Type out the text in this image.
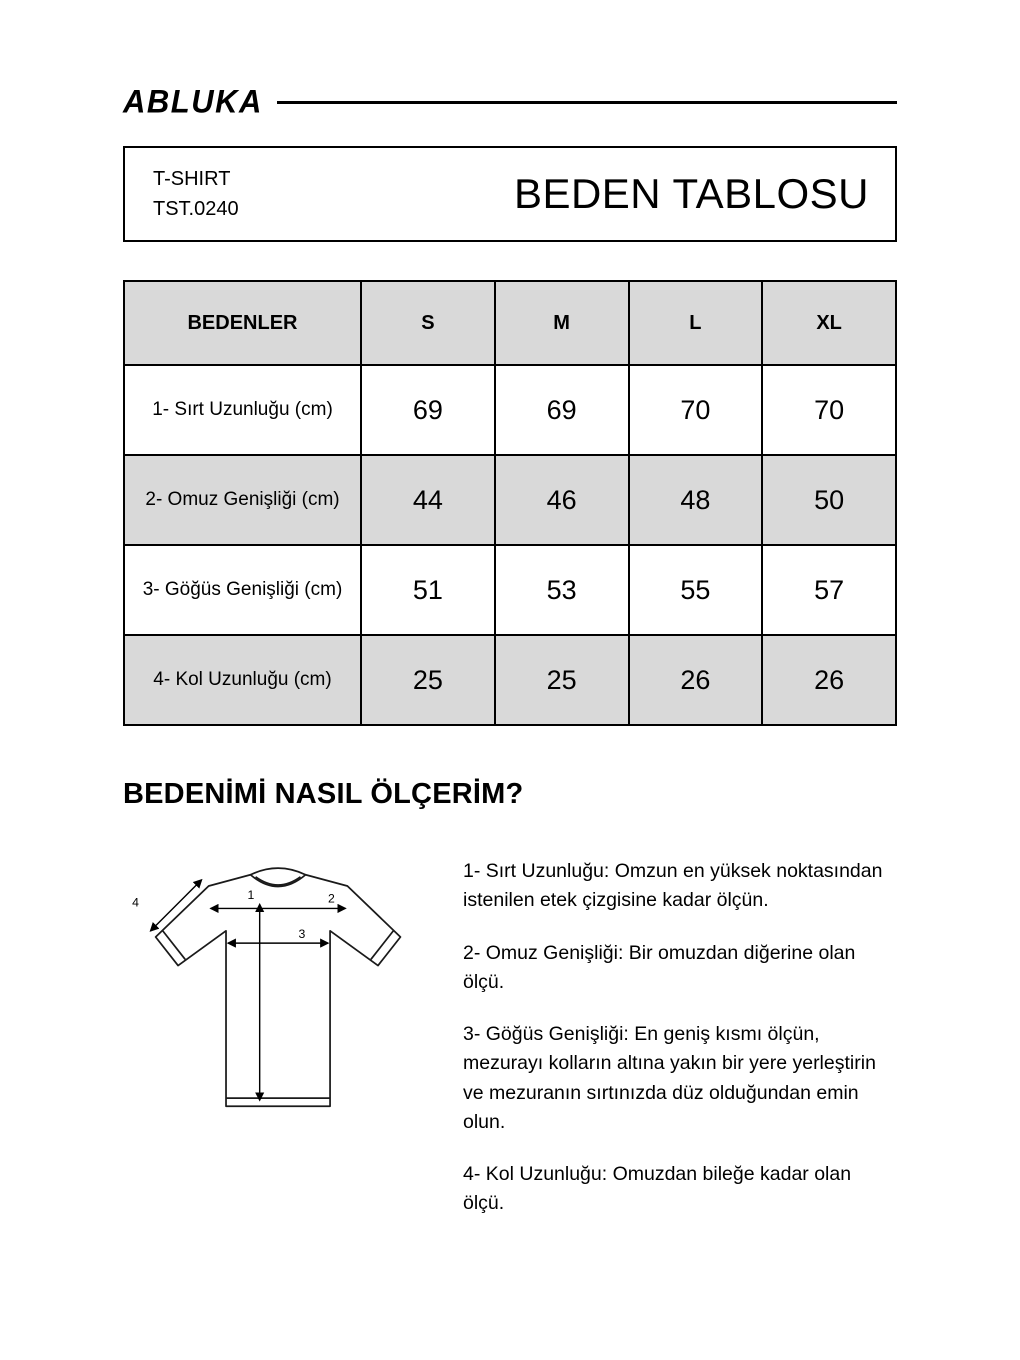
ABLUKA
T-SHIRT
TST.0240	BEDEN TABLOSU
BEDENLER	S	M	L	XL
1- Sırt Uzunluğu (cm)	69	69	70	70
2- Omuz Genişliği (cm)	44	46	48	50
3- Göğüs Genişliği (cm)	51	53	55	57
4- Kol Uzunluğu (cm)	25	25	26	26
BEDENİMİ NASIL ÖLÇERİM?
1	2
3
4

1- Sırt Uzunluğu: Omzun en yüksek noktasından istenilen etek çizgisine kadar ölçün.

2- Omuz Genişliği: Bir omuzdan diğerine olan ölçü.

3- Göğüs Genişliği: En geniş kısmı ölçün, mezurayı kolların altına yakın bir yere yerleştirin ve mezuranın sırtınızda düz olduğundan emin olun.

4- Kol Uzunluğu: Omuzdan bileğe kadar olan ölçü.
